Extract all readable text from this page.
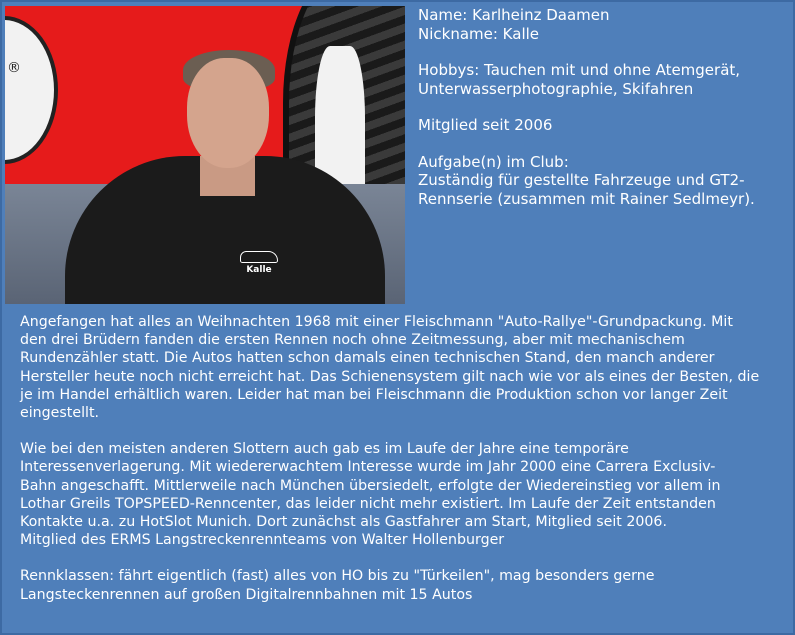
®
Kalle

Name: Karlheinz Daamen

Nickname: Kalle

Hobbys: Tauchen mit und ohne Atemgerät,

Unterwasserphotographie, Skifahren

Mitglied seit 2006

Aufgabe(n) im Club:

Zuständig für gestellte Fahrzeuge und GT2-

Rennserie (zusammen mit Rainer Sedlmeyr).

Angefangen hat alles an Weihnachten 1968 mit einer Fleischmann "Auto-Rallye"-Grundpackung. Mit

den drei Brüdern fanden die ersten Rennen noch ohne Zeitmessung, aber mit mechanischem

Rundenzähler statt. Die Autos hatten schon damals einen technischen Stand, den manch anderer

Hersteller heute noch nicht erreicht hat. Das Schienensystem gilt nach wie vor als eines der Besten, die

je im Handel erhältlich waren. Leider hat man bei Fleischmann die Produktion schon vor langer Zeit

eingestellt.

Wie bei den meisten anderen Slottern auch gab es im Laufe der Jahre eine temporäre

Interessenverlagerung. Mit wiedererwachtem Interesse wurde im Jahr 2000 eine Carrera Exclusiv-

Bahn angeschafft. Mittlerweile nach München übersiedelt, erfolgte der Wiedereinstieg vor allem in

Lothar Greils TOPSPEED-Renncenter, das leider nicht mehr existiert. Im Laufe der Zeit entstanden

Kontakte u.a. zu HotSlot Munich. Dort zunächst als Gastfahrer am Start, Mitglied seit 2006.

Mitglied des ERMS Langstreckenrennteams von Walter Hollenburger

Rennklassen: fährt eigentlich (fast) alles von HO bis zu "Türkeilen", mag besonders gerne

Langsteckenrennen auf großen Digitalrennbahnen mit 15 Autos
